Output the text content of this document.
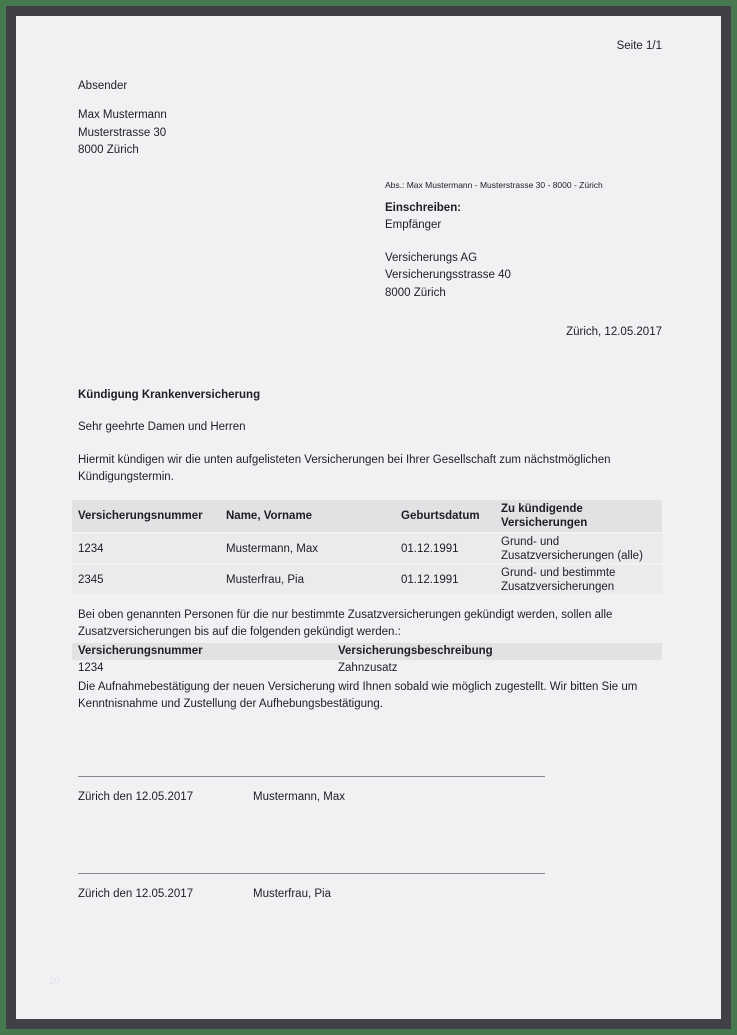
Seite 1/1
Absender
Max Mustermann
Musterstrasse 30
8000 Zürich
Abs.: Max Mustermann - Musterstrasse 30 - 8000 - Zürich
Einschreiben:
Empfänger
Versicherungs AG
Versicherungsstrasse 40
8000 Zürich
Zürich, 12.05.2017
Kündigung Krankenversicherung
Sehr geehrte Damen und Herren

Hiermit kündigen wir die unten aufgelisteten Versicherungen bei Ihrer Gesellschaft zum nächstmöglichen Kündigungstermin.

Versicherungsnummer	Name, Vorname	Geburtsdatum	Zu kündigende Versicherungen
1234	Mustermann, Max	01.12.1991	Grund- und Zusatzversicherungen (alle)
2345	Musterfrau, Pia	01.12.1991	Grund- und bestimmte Zusatzversicherungen

Bei oben genannten Personen für die nur bestimmte Zusatzversicherungen gekündigt werden, sollen alle Zusatzversicherungen bis auf die folgenden gekündigt werden.:

Versicherungsnummer	Versicherungsbeschreibung
1234	Zahnzusatz

Die Aufnahmebestätigung der neuen Versicherung wird Ihnen sobald wie möglich zugestellt. Wir bitten Sie um Kenntnisnahme und Zustellung der Aufhebungsbestätigung.

Zürich den 12.05.2017	Mustermann, Max
Zürich den 12.05.2017	Musterfrau, Pia
20
